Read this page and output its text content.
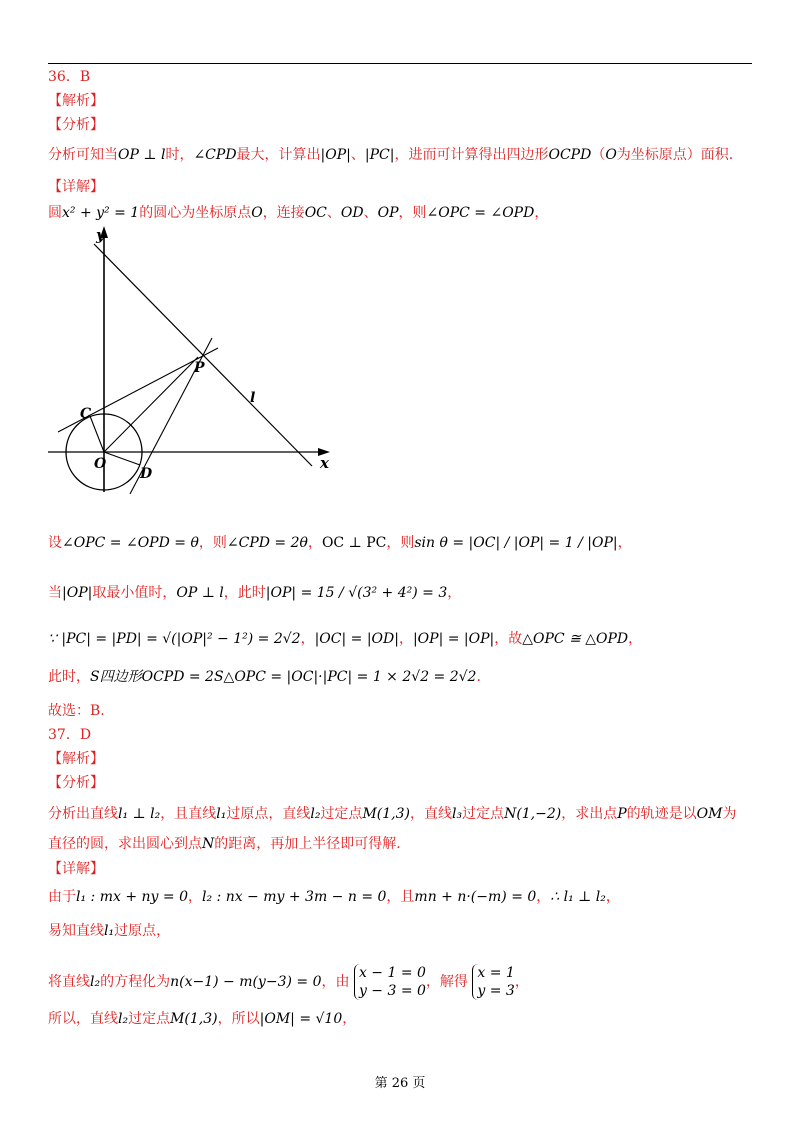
36．B
【解析】
【分析】
分析可知当OP ⊥ l时，∠CPD最大，计算出|OP|、|PC|，进而可计算得出四边形OCPD（O为坐标原点）面积.
【详解】
圆x² + y² = 1的圆心为坐标原点O，连接OC、OD、OP，则∠OPC = ∠OPD，
y
x
P
C
O
D
l
设∠OPC = ∠OPD = θ，则∠CPD = 2θ，OC ⊥ PC，则sin θ = |OC| / |OP| = 1 / |OP|，
当|OP|取最小值时，OP ⊥ l，此时|OP| = 15 / √(3² + 4²) = 3，
∵ |PC| = |PD| = √(|OP|² − 1²) = 2√2，|OC| = |OD|，|OP| = |OP|，故△OPC ≅ △OPD，
此时，S四边形OCPD = 2S△OPC = |OC|·|PC| = 1 × 2√2 = 2√2.
故选：B.
37．D
【解析】
【分析】
分析出直线l₁ ⊥ l₂，且直线l₁过原点，直线l₂过定点M(1,3)，直线l₃过定点N(1,−2)，求出点P的轨迹是以OM为
直径的圆，求出圆心到点N的距离，再加上半径即可得解.
【详解】
由于l₁ : mx + ny = 0，l₂ : nx − my + 3m − n = 0，且mn + n·(−m) = 0，∴ l₁ ⊥ l₂，
易知直线l₁过原点，
将直线l₂的方程化为n(x−1) − m(y−3) = 0，由
x − 1 = 0
y − 3 = 0
，解得
x = 1
y = 3
，
所以，直线l₂过定点M(1,3)，所以|OM| = √10，
第 26 页
